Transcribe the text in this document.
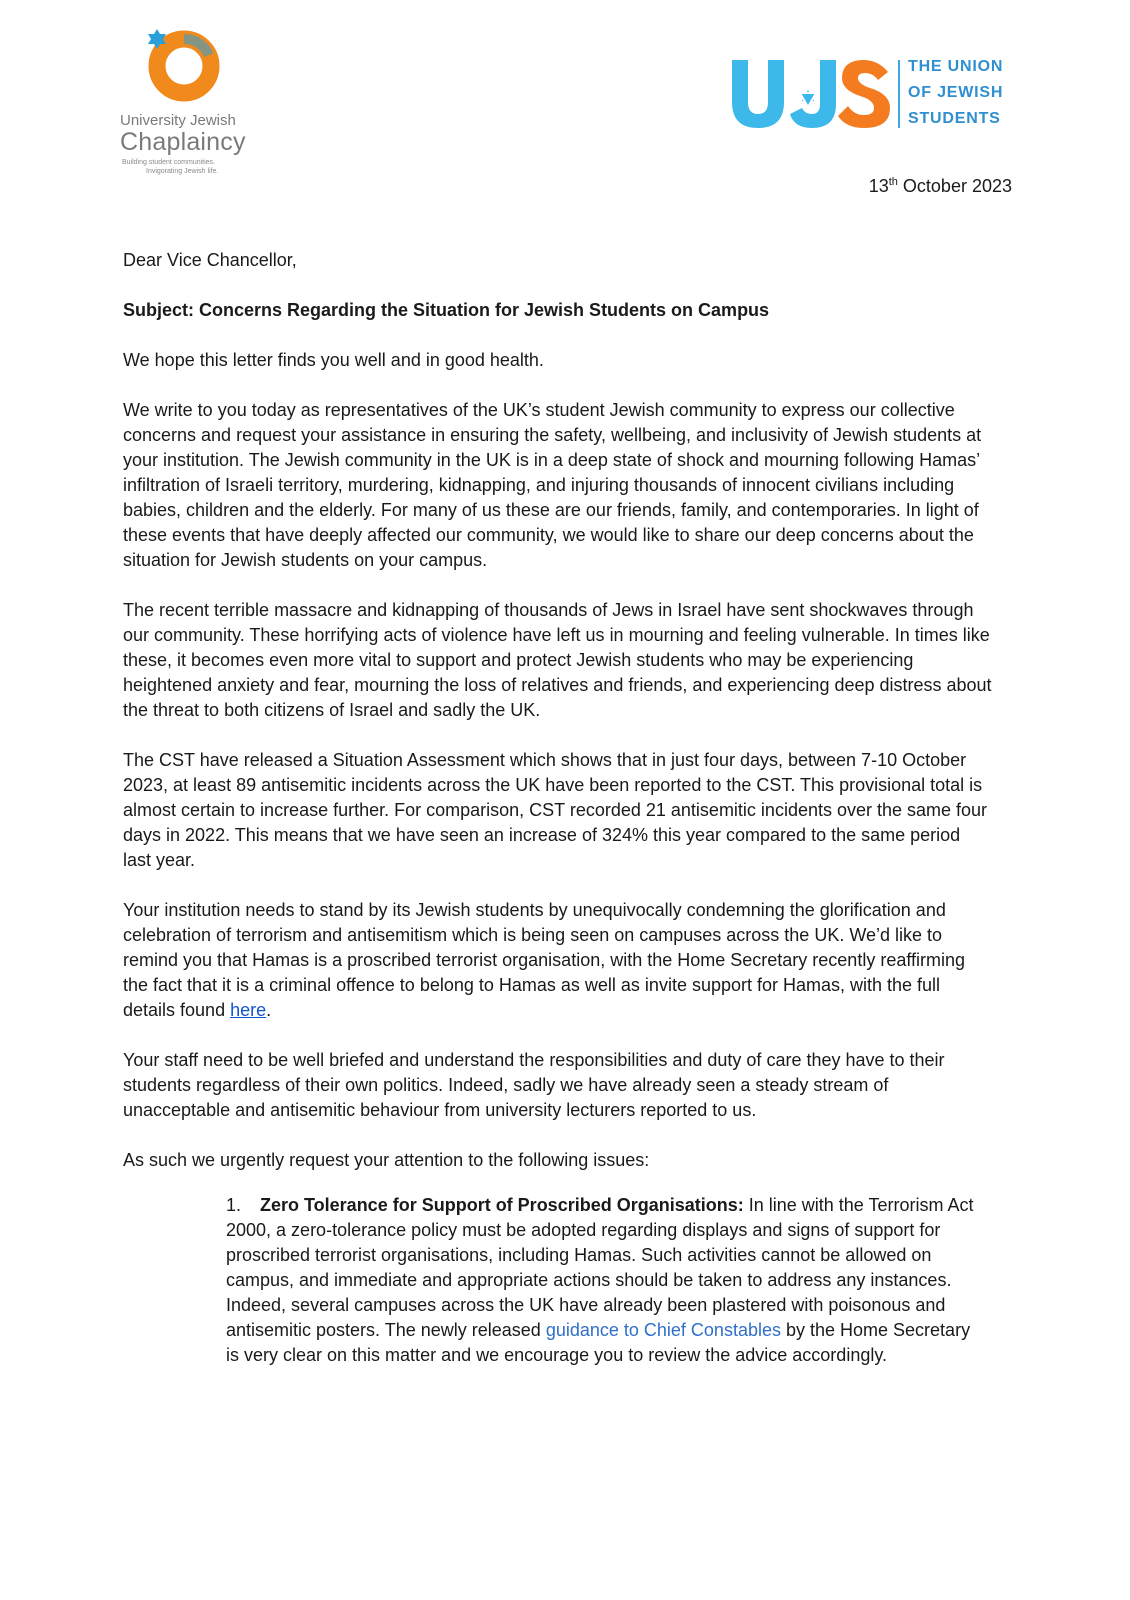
University Jewish
Chaplaincy
Building student communities.
Invigorating Jewish life.
THE UNION
OF JEWISH
STUDENTS
13th October 2023

Dear Vice Chancellor,

Subject: Concerns Regarding the Situation for Jewish Students on Campus

We hope this letter finds you well and in good health.

We write to you today as representatives of the UK’s student Jewish community to express our collective concerns and request your assistance in ensuring the safety, wellbeing, and inclusivity of Jewish students at your institution. The Jewish community in the UK is in a deep state of shock and mourning following Hamas’ infiltration of Israeli territory, murdering, kidnapping, and injuring thousands of innocent civilians including babies, children and the elderly. For many of us these are our friends, family, and contemporaries. In light of these events that have deeply affected our community, we would like to share our deep concerns about the situation for Jewish students on your campus.

The recent terrible massacre and kidnapping of thousands of Jews in Israel have sent shockwaves through our community. These horrifying acts of violence have left us in mourning and feeling vulnerable. In times like these, it becomes even more vital to support and protect Jewish students who may be experiencing heightened anxiety and fear, mourning the loss of relatives and friends, and experiencing deep distress about the threat to both citizens of Israel and sadly the UK.

The CST have released a Situation Assessment which shows that in just four days, between 7-10 October 2023, at least 89 antisemitic incidents across the UK have been reported to the CST. This provisional total is almost certain to increase further. For comparison, CST recorded 21 antisemitic incidents over the same four days in 2022. This means that we have seen an increase of 324% this year compared to the same period last year.

Your institution needs to stand by its Jewish students by unequivocally condemning the glorification and celebration of terrorism and antisemitism which is being seen on campuses across the UK. We’d like to remind you that Hamas is a proscribed terrorist organisation, with the Home Secretary recently reaffirming the fact that it is a criminal offence to belong to Hamas as well as invite support for Hamas, with the full details found here.

Your staff need to be well briefed and understand the responsibilities and duty of care they have to their students regardless of their own politics. Indeed, sadly we have already seen a steady stream of unacceptable and antisemitic behaviour from university lecturers reported to us.

As such we urgently request your attention to the following issues:

1. Zero Tolerance for Support of Proscribed Organisations: In line with the Terrorism Act 2000, a zero-tolerance policy must be adopted regarding displays and signs of support for proscribed terrorist organisations, including Hamas. Such activities cannot be allowed on campus, and immediate and appropriate actions should be taken to address any instances. Indeed, several campuses across the UK have already been plastered with poisonous and antisemitic posters. The newly released guidance to Chief Constables by the Home Secretary is very clear on this matter and we encourage you to review the advice accordingly.
